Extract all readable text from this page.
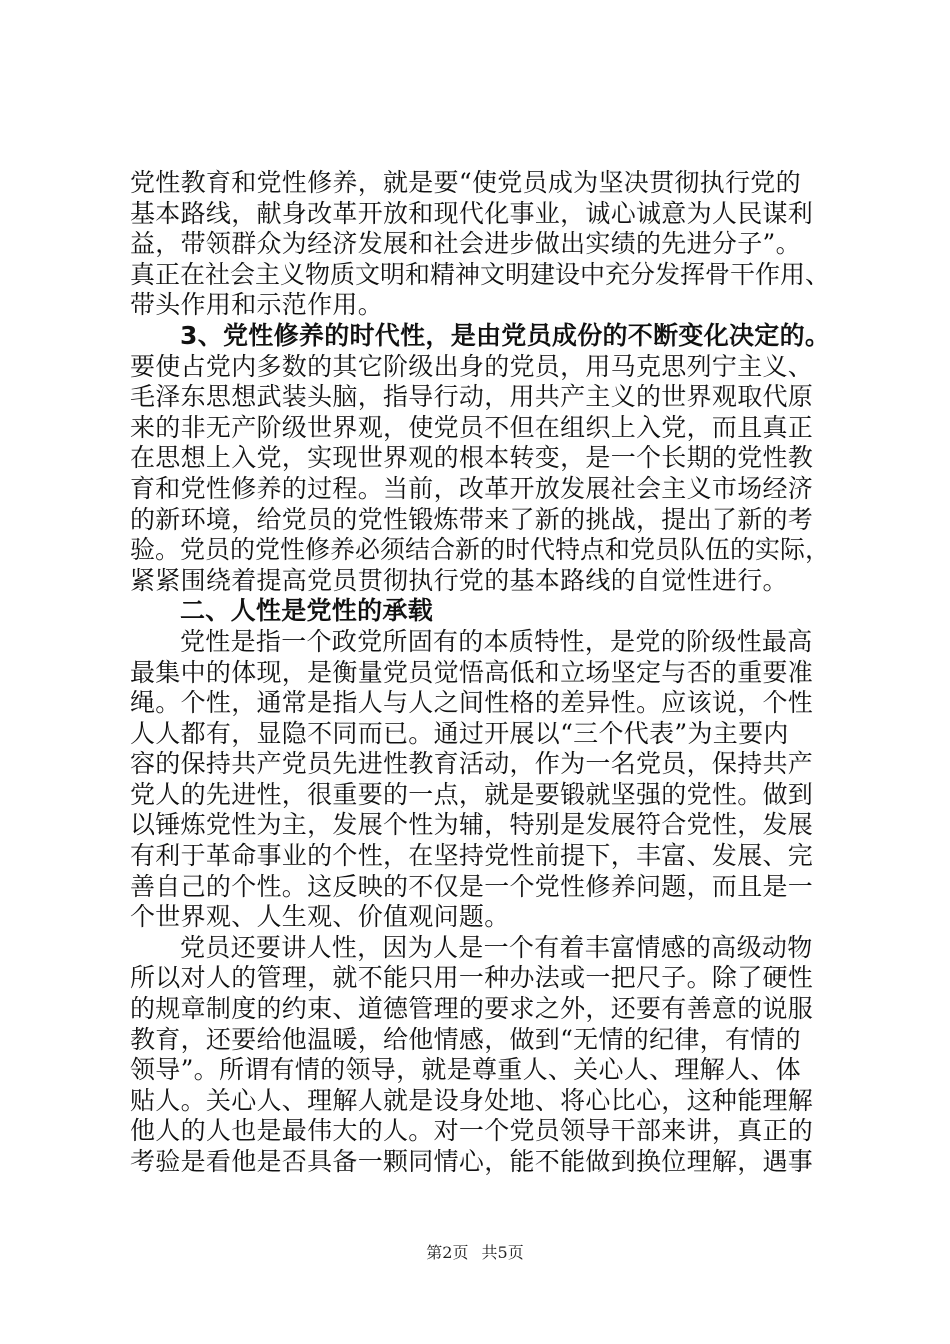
党性教育和党性修养，就是要“使党员成为坚决贯彻执行党的

基本路线，献身改革开放和现代化事业，诚心诚意为人民谋利

益，带领群众为经济发展和社会进步做出实绩的先进分子”。

真正在社会主义物质文明和精神文明建设中充分发挥骨干作用、

带头作用和示范作用。

3、党性修养的时代性，是由党员成份的不断变化决定的。

要使占党内多数的其它阶级出身的党员，用马克思列宁主义、

毛泽东思想武装头脑，指导行动，用共产主义的世界观取代原

来的非无产阶级世界观，使党员不但在组织上入党，而且真正

在思想上入党，实现世界观的根本转变，是一个长期的党性教

育和党性修养的过程。当前，改革开放发展社会主义市场经济

的新环境，给党员的党性锻炼带来了新的挑战，提出了新的考

验。党员的党性修养必须结合新的时代特点和党员队伍的实际，

紧紧围绕着提高党员贯彻执行党的基本路线的自觉性进行。

二、人性是党性的承载

党性是指一个政党所固有的本质特性，是党的阶级性最高

最集中的体现，是衡量党员觉悟高低和立场坚定与否的重要准

绳。个性，通常是指人与人之间性格的差异性。应该说，个性

人人都有，显隐不同而已。通过开展以“三个代表”为主要内

容的保持共产党员先进性教育活动，作为一名党员，保持共产

党人的先进性，很重要的一点，就是要锻就坚强的党性。做到

以锤炼党性为主，发展个性为辅，特别是发展符合党性，发展

有利于革命事业的个性，在坚持党性前提下，丰富、发展、完

善自己的个性。这反映的不仅是一个党性修养问题，而且是一

个世界观、人生观、价值观问题。

党员还要讲人性，因为人是一个有着丰富情感的高级动物

所以对人的管理，就不能只用一种办法或一把尺子。除了硬性

的规章制度的约束、道德管理的要求之外，还要有善意的说服

教育，还要给他温暖，给他情感，做到“无情的纪律，有情的

领导”。所谓有情的领导，就是尊重人、关心人、理解人、体

贴人。关心人、理解人就是设身处地、将心比心，这种能理解

他人的人也是最伟大的人。对一个党员领导干部来讲，真正的

考验是看他是否具备一颗同情心，能不能做到换位理解，遇事

第2页 共5页
